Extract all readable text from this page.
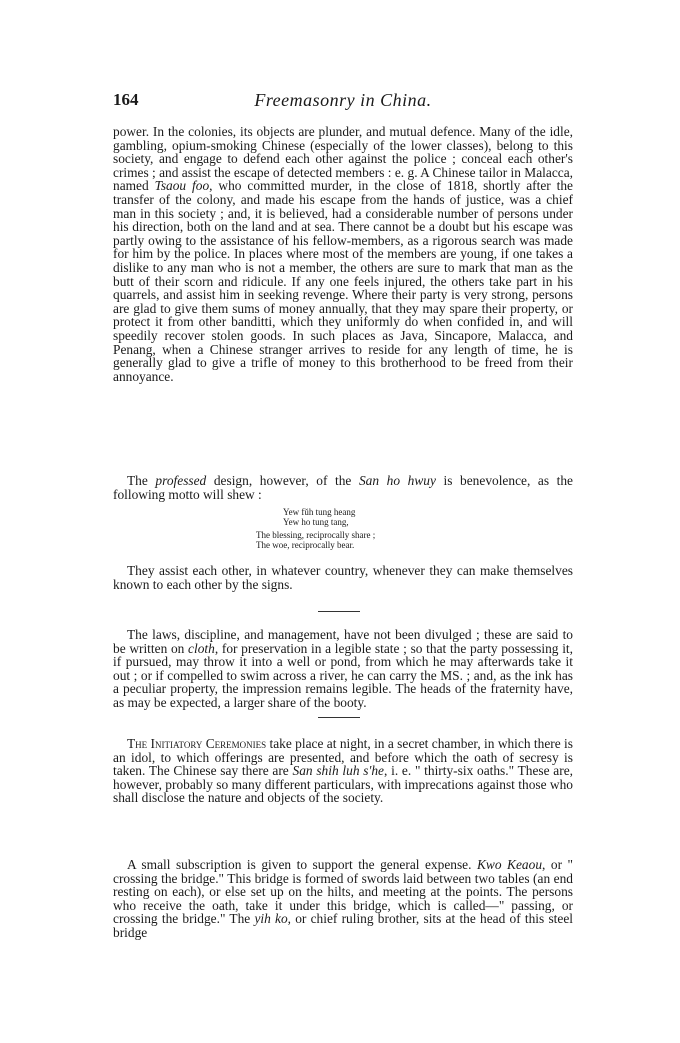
164	Freemasonry in China.
power. In the colonies, its objects are plunder, and mutual defence. Many of the idle, gambling, opium-smoking Chinese (especially of the lower classes), belong to this society, and engage to defend each other against the police ; conceal each other's crimes ; and assist the escape of detected members : e. g. A Chinese tailor in Malacca, named Tsaou foo, who committed murder, in the close of 1818, shortly after the transfer of the colony, and made his escape from the hands of justice, was a chief man in this society ; and, it is believed, had a considerable number of persons under his direction, both on the land and at sea. There cannot be a doubt but his escape was partly owing to the assistance of his fellow-members, as a rigorous search was made for him by the police. In places where most of the members are young, if one takes a dislike to any man who is not a member, the others are sure to mark that man as the butt of their scorn and ridicule. If any one feels injured, the others take part in his quarrels, and assist him in seeking revenge. Where their party is very strong, persons are glad to give them sums of money annually, that they may spare their property, or protect it from other banditti, which they uniformly do when confided in, and will speedily recover stolen goods. In such places as Java, Sincapore, Malacca, and Penang, when a Chinese stranger arrives to reside for any length of time, he is generally glad to give a trifle of money to this brotherhood to be freed from their annoyance.
The professed design, however, of the San ho hwuy is benevolence, as the following motto will shew :
Yew fŭh tung heang
Yew ho tung tang,
The blessing, reciprocally share ;
The woe, reciprocally bear.
They assist each other, in whatever country, whenever they can make themselves known to each other by the signs.
The laws, discipline, and management, have not been divulged ; these are said to be written on cloth, for preservation in a legible state ; so that the party possessing it, if pursued, may throw it into a well or pond, from which he may afterwards take it out ; or if compelled to swim across a river, he can carry the MS. ; and, as the ink has a peculiar property, the impression remains legible. The heads of the fraternity have, as may be expected, a larger share of the booty.
The Initiatory Ceremonies take place at night, in a secret chamber, in which there is an idol, to which offerings are presented, and before which the oath of secresy is taken. The Chinese say there are San shih luh s'he, i. e. " thirty-six oaths." These are, however, probably so many different particulars, with imprecations against those who shall disclose the nature and objects of the society.
A small subscription is given to support the general expense. Kwo Keaou, or " crossing the bridge." This bridge is formed of swords laid between two tables (an end resting on each), or else set up on the hilts, and meeting at the points. The persons who receive the oath, take it under this bridge, which is called—" passing, or crossing the bridge." The yih ko, or chief ruling brother, sits at the head of this steel bridge
